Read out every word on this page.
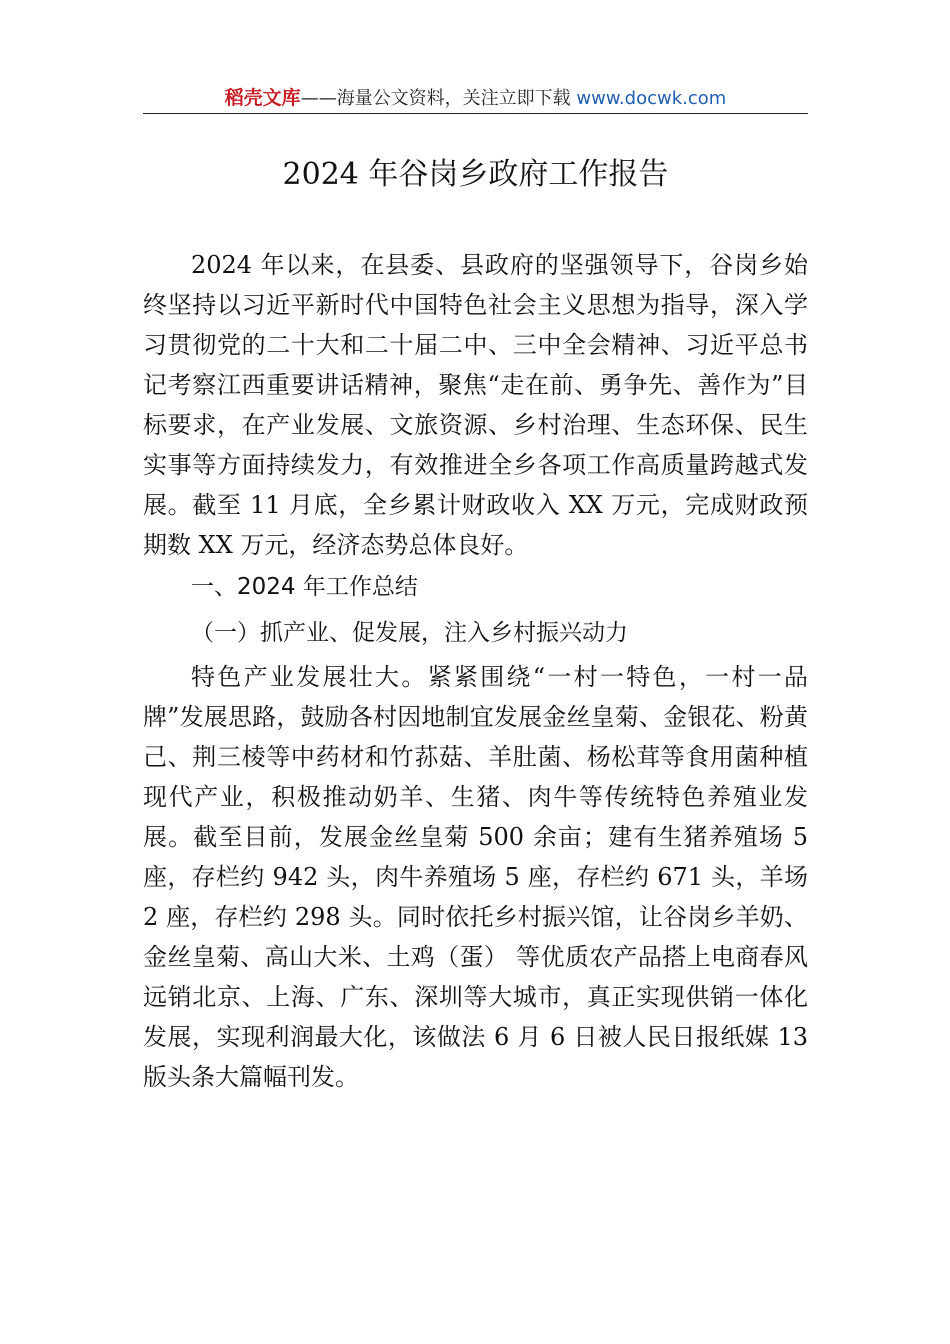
稻壳文库——海量公文资料，关注立即下载 www.docwk.com
2024 年谷岗乡政府工作报告

2024 年以来，在县委、县政府的坚强领导下，谷岗乡始终坚持以习近平新时代中国特色社会主义思想为指导，深入学习贯彻党的二十大和二十届二中、三中全会精神、习近平总书记考察江西重要讲话精神，聚焦“走在前、勇争先、善作为”目标要求，在产业发展、文旅资源、乡村治理、生态环保、民生实事等方面持续发力，有效推进全乡各项工作高质量跨越式发展。截至 11 月底，全乡累计财政收入 XX 万元，完成财政预期数 XX 万元，经济态势总体良好。

一、2024 年工作总结

（一）抓产业、促发展，注入乡村振兴动力

特色产业发展壮大。紧紧围绕“一村一特色，一村一品牌”发展思路，鼓励各村因地制宜发展金丝皇菊、金银花、粉黄己、荆三棱等中药材和竹荪菇、羊肚菌、杨松茸等食用菌种植现代产业，积极推动奶羊、生猪、肉牛等传统特色养殖业发展。截至目前，发展金丝皇菊 500 余亩；建有生猪养殖场 5 座，存栏约 942 头，肉牛养殖场 5 座，存栏约 671 头，羊场 2 座，存栏约 298 头。同时依托乡村振兴馆，让谷岗乡羊奶、金丝皇菊、高山大米、土鸡（蛋） 等优质农产品搭上电商春风远销北京、上海、广东、深圳等大城市，真正实现供销一体化发展，实现利润最大化，该做法 6 月 6 日被人民日报纸媒 13 版头条大篇幅刊发。
